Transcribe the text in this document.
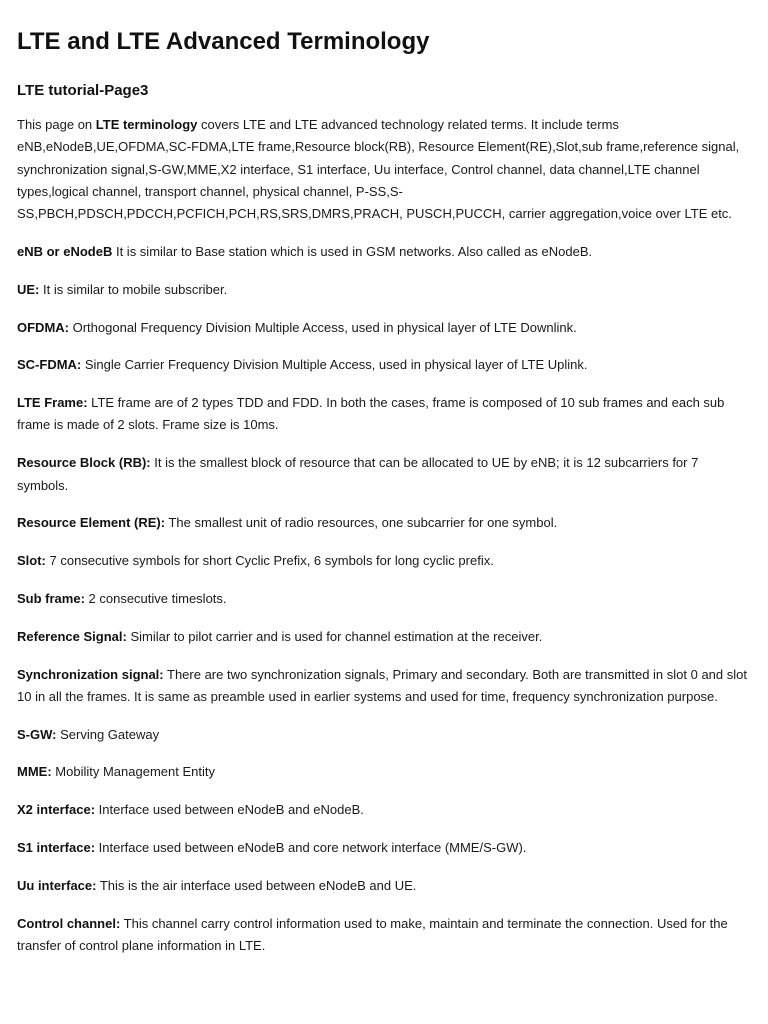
LTE and LTE Advanced Terminology
LTE tutorial-Page3

This page on LTE terminology covers LTE and LTE advanced technology related terms. It include terms eNB,eNodeB,UE,OFDMA,SC-FDMA,LTE frame,Resource block(RB), Resource Element(RE),Slot,sub frame,reference signal, synchronization signal,S-GW,MME,X2 interface, S1 interface, Uu interface, Control channel, data channel,LTE channel types,logical channel, transport channel, physical channel, P-SS,S-SS,PBCH,PDSCH,PDCCH,PCFICH,PCH,RS,SRS,DMRS,PRACH, PUSCH,PUCCH, carrier aggregation,voice over LTE etc.

eNB or eNodeB It is similar to Base station which is used in GSM networks. Also called as eNodeB.

UE: It is similar to mobile subscriber.

OFDMA: Orthogonal Frequency Division Multiple Access, used in physical layer of LTE Downlink.

SC-FDMA: Single Carrier Frequency Division Multiple Access, used in physical layer of LTE Uplink.

LTE Frame: LTE frame are of 2 types TDD and FDD. In both the cases, frame is composed of 10 sub frames and each sub frame is made of 2 slots. Frame size is 10ms.

Resource Block (RB): It is the smallest block of resource that can be allocated to UE by eNB; it is 12 subcarriers for 7 symbols.

Resource Element (RE): The smallest unit of radio resources, one subcarrier for one symbol.

Slot: 7 consecutive symbols for short Cyclic Prefix, 6 symbols for long cyclic prefix.

Sub frame: 2 consecutive timeslots.

Reference Signal: Similar to pilot carrier and is used for channel estimation at the receiver.

Synchronization signal: There are two synchronization signals, Primary and secondary. Both are transmitted in slot 0 and slot 10 in all the frames. It is same as preamble used in earlier systems and used for time, frequency synchronization purpose.

S-GW: Serving Gateway

MME: Mobility Management Entity

X2 interface: Interface used between eNodeB and eNodeB.

S1 interface: Interface used between eNodeB and core network interface (MME/S-GW).

Uu interface: This is the air interface used between eNodeB and UE.

Control channel: This channel carry control information used to make, maintain and terminate the connection. Used for the transfer of control plane information in LTE.
